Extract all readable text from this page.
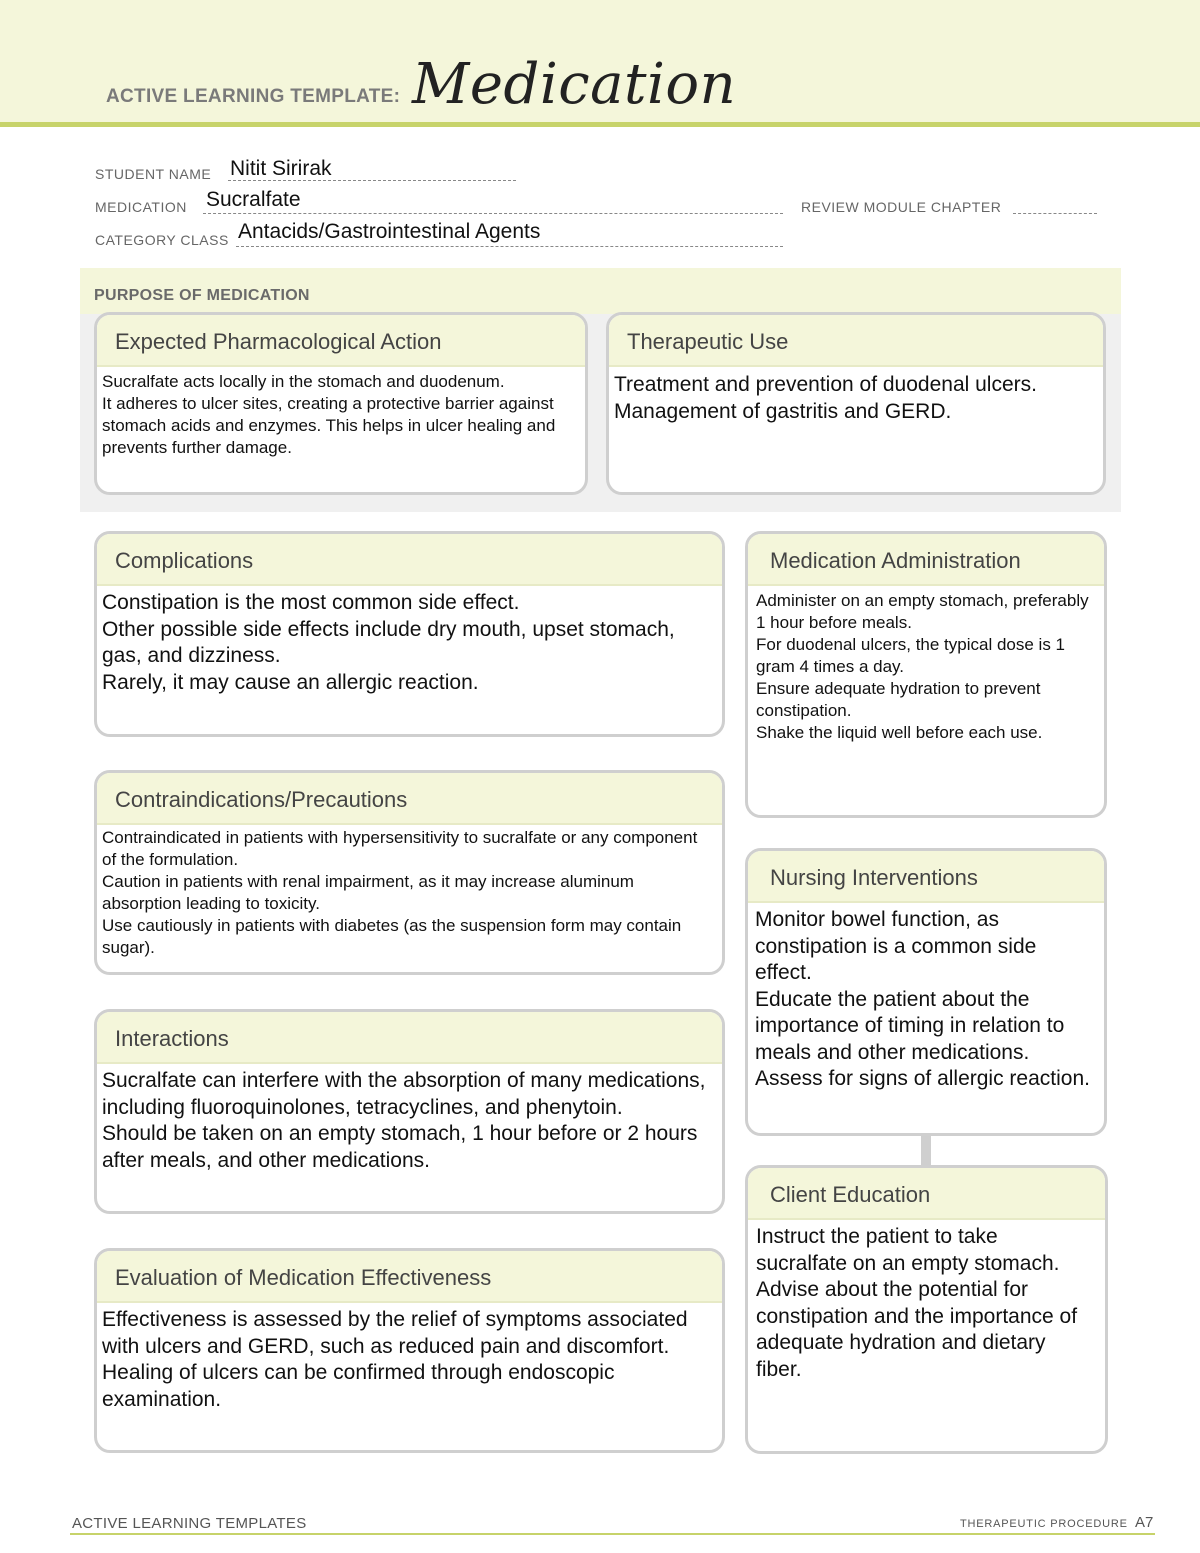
ACTIVE LEARNING TEMPLATE: Medication
STUDENT NAME Nitit Sirirak
MEDICATION Sucralfate	REVIEW MODULE CHAPTER
CATEGORY CLASS Antacids/Gastrointestinal Agents
PURPOSE OF MEDICATION
Expected Pharmacological Action
Sucralfate acts locally in the stomach and duodenum.
It adheres to ulcer sites, creating a protective barrier against stomach acids and enzymes. This helps in ulcer healing and prevents further damage.
Therapeutic Use
Treatment and prevention of duodenal ulcers.
Management of gastritis and GERD.
Complications
Constipation is the most common side effect.
Other possible side effects include dry mouth, upset stomach, gas, and dizziness.
Rarely, it may cause an allergic reaction.
Contraindications/Precautions
Contraindicated in patients with hypersensitivity to sucralfate or any component of the formulation.
Caution in patients with renal impairment, as it may increase aluminum absorption leading to toxicity.
Use cautiously in patients with diabetes (as the suspension form may contain sugar).
Interactions
Sucralfate can interfere with the absorption of many medications, including fluoroquinolones, tetracyclines, and phenytoin.
Should be taken on an empty stomach, 1 hour before or 2 hours after meals, and other medications.
Evaluation of Medication Effectiveness
Effectiveness is assessed by the relief of symptoms associated with ulcers and GERD, such as reduced pain and discomfort.
Healing of ulcers can be confirmed through endoscopic examination.
Medication Administration
Administer on an empty stomach, preferably 1 hour before meals.
For duodenal ulcers, the typical dose is 1 gram 4 times a day.
Ensure adequate hydration to prevent constipation.
Shake the liquid well before each use.
Nursing Interventions
Monitor bowel function, as constipation is a common side effect.
Educate the patient about the importance of timing in relation to meals and other medications.
Assess for signs of allergic reaction.
Client Education
Instruct the patient to take sucralfate on an empty stomach.
Advise about the potential for constipation and the importance of adequate hydration and dietary fiber.
ACTIVE LEARNING TEMPLATES	THERAPEUTIC PROCEDURE A7
